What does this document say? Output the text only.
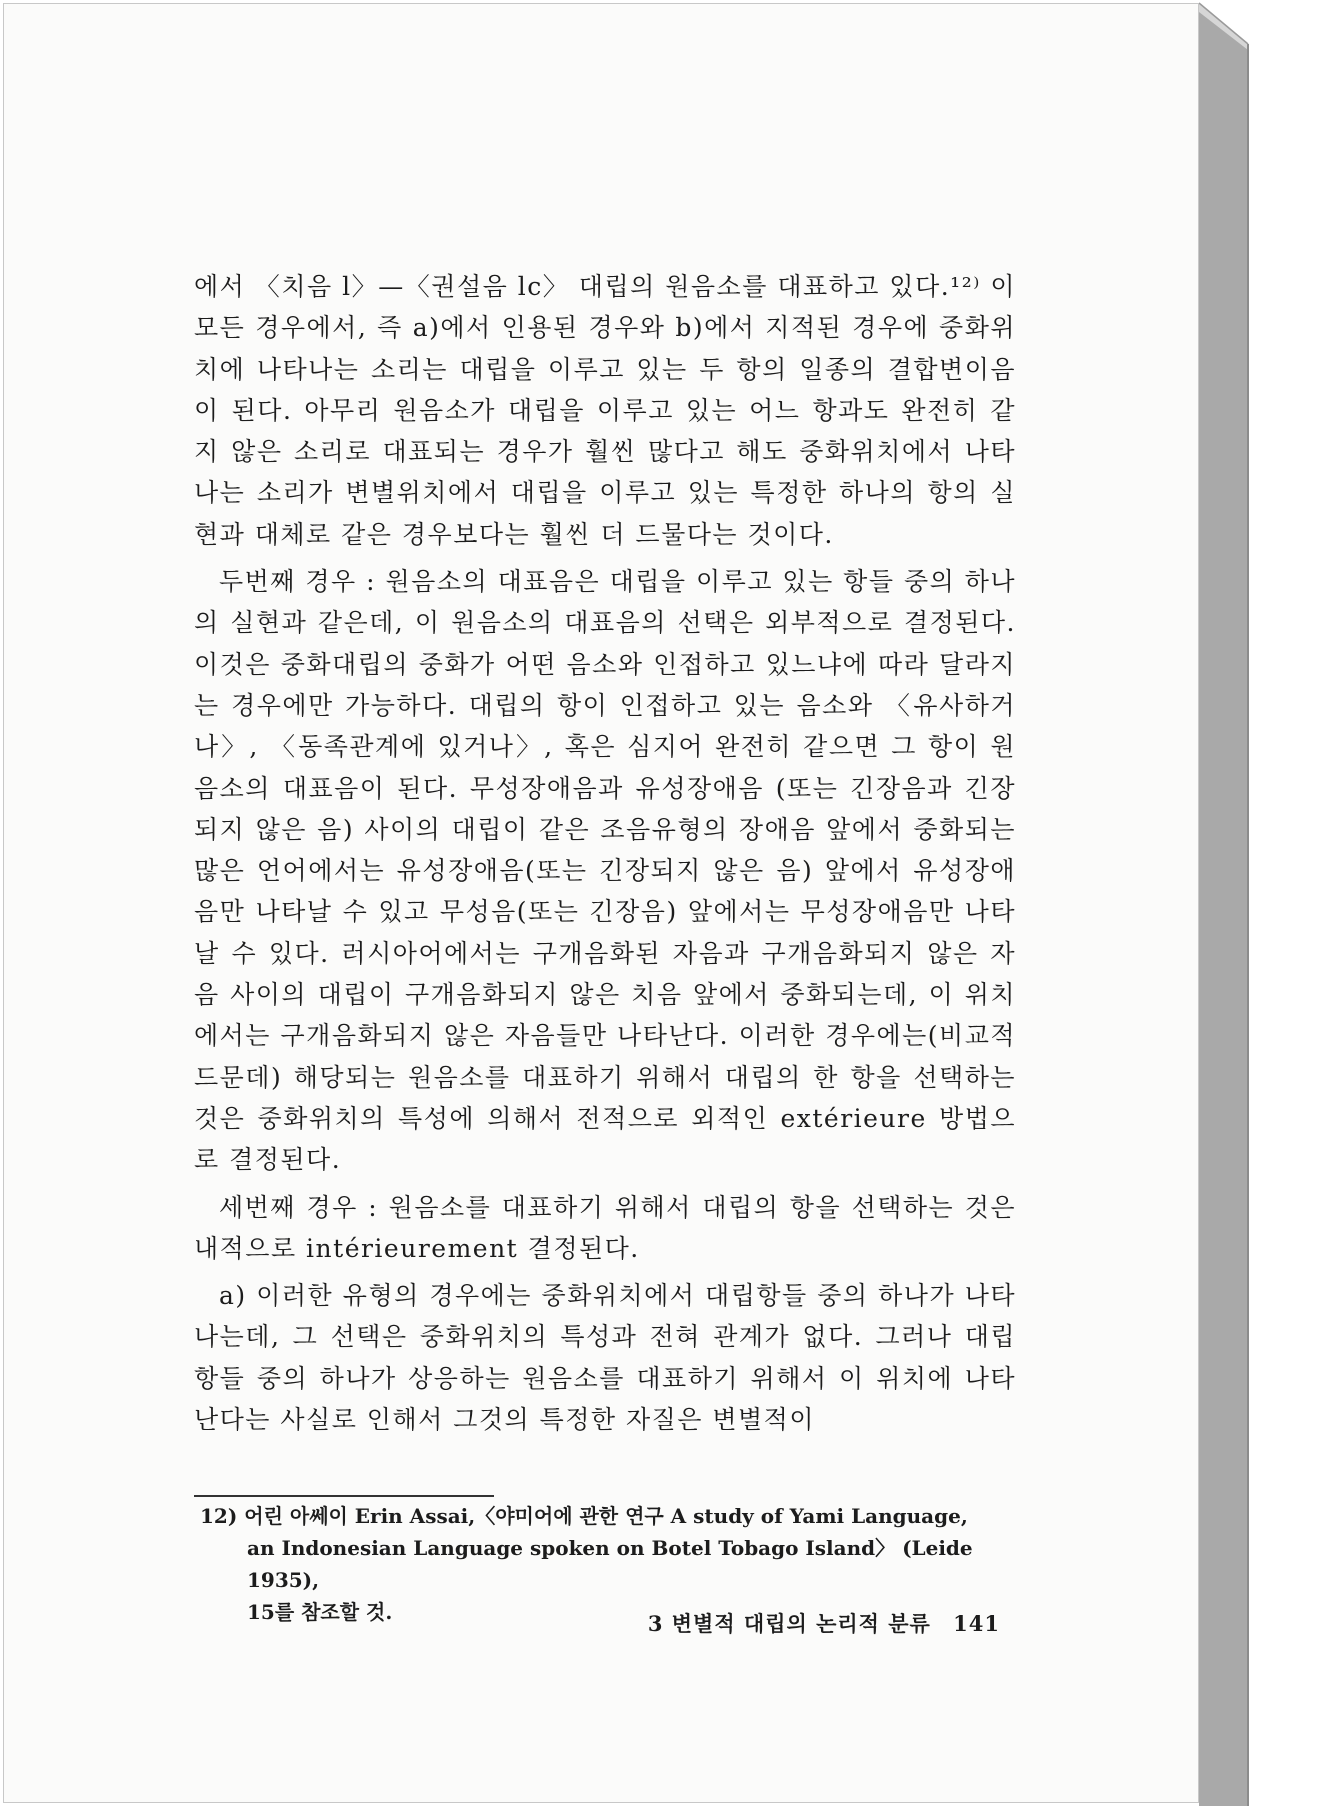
에서 〈치음 l〉—〈권설음 lc〉 대립의 원음소를 대표하고 있다.¹²⁾ 이 모든 경우에서, 즉 a)에서 인용된 경우와 b)에서 지적된 경우에 중화위치에 나타나는 소리는 대립을 이루고 있는 두 항의 일종의 결합변이음이 된다. 아무리 원음소가 대립을 이루고 있는 어느 항과도 완전히 같지 않은 소리로 대표되는 경우가 훨씬 많다고 해도 중화위치에서 나타나는 소리가 변별위치에서 대립을 이루고 있는 특정한 하나의 항의 실현과 대체로 같은 경우보다는 훨씬 더 드물다는 것이다.

두번째 경우 : 원음소의 대표음은 대립을 이루고 있는 항들 중의 하나의 실현과 같은데, 이 원음소의 대표음의 선택은 외부적으로 결정된다. 이것은 중화대립의 중화가 어떤 음소와 인접하고 있느냐에 따라 달라지는 경우에만 가능하다. 대립의 항이 인접하고 있는 음소와 〈유사하거나〉, 〈동족관계에 있거나〉, 혹은 심지어 완전히 같으면 그 항이 원음소의 대표음이 된다. 무성장애음과 유성장애음 (또는 긴장음과 긴장되지 않은 음) 사이의 대립이 같은 조음유형의 장애음 앞에서 중화되는 많은 언어에서는 유성장애음(또는 긴장되지 않은 음) 앞에서 유성장애음만 나타날 수 있고 무성음(또는 긴장음) 앞에서는 무성장애음만 나타날 수 있다. 러시아어에서는 구개음화된 자음과 구개음화되지 않은 자음 사이의 대립이 구개음화되지 않은 치음 앞에서 중화되는데, 이 위치에서는 구개음화되지 않은 자음들만 나타난다. 이러한 경우에는(비교적 드문데) 해당되는 원음소를 대표하기 위해서 대립의 한 항을 선택하는 것은 중화위치의 특성에 의해서 전적으로 외적인 extérieure 방법으로 결정된다.

세번째 경우 : 원음소를 대표하기 위해서 대립의 항을 선택하는 것은 내적으로 intérieurement 결정된다.

a) 이러한 유형의 경우에는 중화위치에서 대립항들 중의 하나가 나타나는데, 그 선택은 중화위치의 특성과 전혀 관계가 없다. 그러나 대립항들 중의 하나가 상응하는 원음소를 대표하기 위해서 이 위치에 나타난다는 사실로 인해서 그것의 특정한 자질은 변별적이

12) 어린 아쎄이 Erin Assai,〈야미어에 관한 연구 A study of Yami Language,
an Indonesian Language spoken on Botel Tobago Island〉 (Leide 1935),
15를 참조할 것.	3 변별적 대립의 논리적 분류 141
